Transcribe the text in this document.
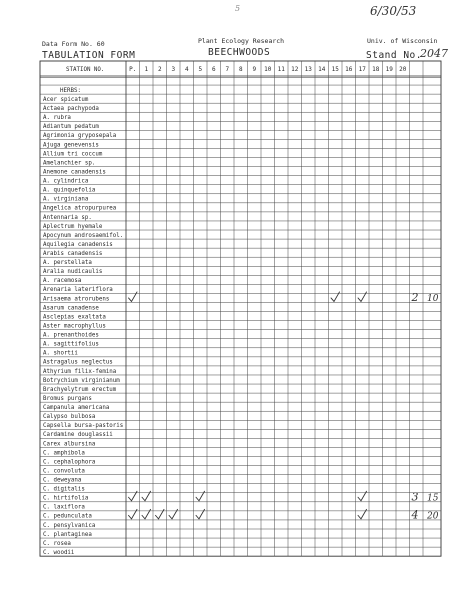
6/30/53
5
Data Form No. 60
TABULATION FORM
Plant Ecology Research
BEECHWOODS
Univ. of Wisconsin
Stand No.
2047
STATION NO.	P. 1 2 3 4 5 6 7 8 9 10 11 12 13 14 15 16 17 18 19 20
HERBS:
Acer spicatum
Actaea pachypoda
A. rubra
Adiantum pedatum
Agrimonia gryposepala
Ajuga genevensis
Allium tri coccum
Amelanchier sp.
Anemone canadensis
A. cylindrica
A. quinquefolia
A. virginiana
Angelica atropurpurea
Antennaria sp.
Aplectrum hyemale
Apocynum androsaemifol.
Aquilegia canadensis
Arabis canadensis
A. perstellata
Aralia nudicaulis
A. racemosa
Arenaria lateriflora
Arisaema atrorubens
Asarum canadense
Asclepias exaltata
Aster macrophyllus
A. prenanthoides
A. sagittifolius
A. shortii
Astragalus neglectus
Athyrium filix-femina
Botrychium virginianum
Brachyelytrum erectum
Bromus purgans
Campanula americana
Calypso bulbosa
Capsella bursa-pastoris
Cardamine douglassii
Carex albursina
C. amphibola
C. cephalophora
C. convoluta
C. deweyana
C. digitalis
C. hirtifolia
C. laxiflora
C. pedunculata
C. pensylvanica
C. plantaginea
C. rosea
C. woodii
2 10
3 15
4 20
